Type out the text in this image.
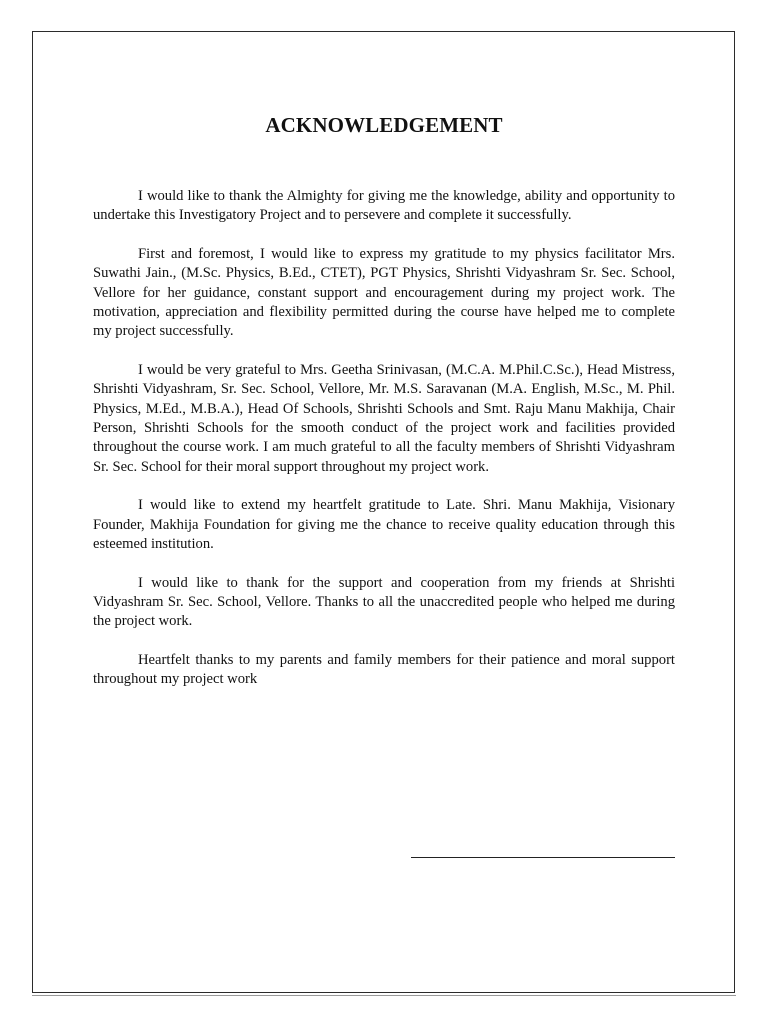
ACKNOWLEDGEMENT

I would like to thank the Almighty for giving me the knowledge, ability and opportunity to undertake this Investigatory Project and to persevere and complete it successfully.

First and foremost, I would like to express my gratitude to my physics facilitator Mrs. Suwathi Jain., (M.Sc. Physics, B.Ed., CTET), PGT Physics, Shrishti Vidyashram Sr. Sec. School, Vellore for her guidance, constant support and encouragement during my project work. The motivation, appreciation and flexibility permitted during the course have helped me to complete my project successfully.

I would be very grateful to Mrs. Geetha Srinivasan, (M.C.A. M.Phil.C.Sc.), Head Mistress, Shrishti Vidyashram, Sr. Sec. School, Vellore, Mr. M.S. Saravanan (M.A. English, M.Sc., M. Phil. Physics, M.Ed., M.B.A.), Head Of Schools, Shrishti Schools and Smt. Raju Manu Makhija, Chair Person, Shrishti Schools for the smooth conduct of the project work and facilities provided throughout the course work. I am much grateful to all the faculty members of Shrishti Vidyashram Sr. Sec. School for their moral support throughout my project work.

I would like to extend my heartfelt gratitude to Late. Shri. Manu Makhija, Visionary Founder, Makhija Foundation for giving me the chance to receive quality education through this esteemed institution.

I would like to thank for the support and cooperation from my friends at Shrishti Vidyashram Sr. Sec. School, Vellore. Thanks to all the unaccredited people who helped me during the project work.

Heartfelt thanks to my parents and family members for their patience and moral support throughout my project work
